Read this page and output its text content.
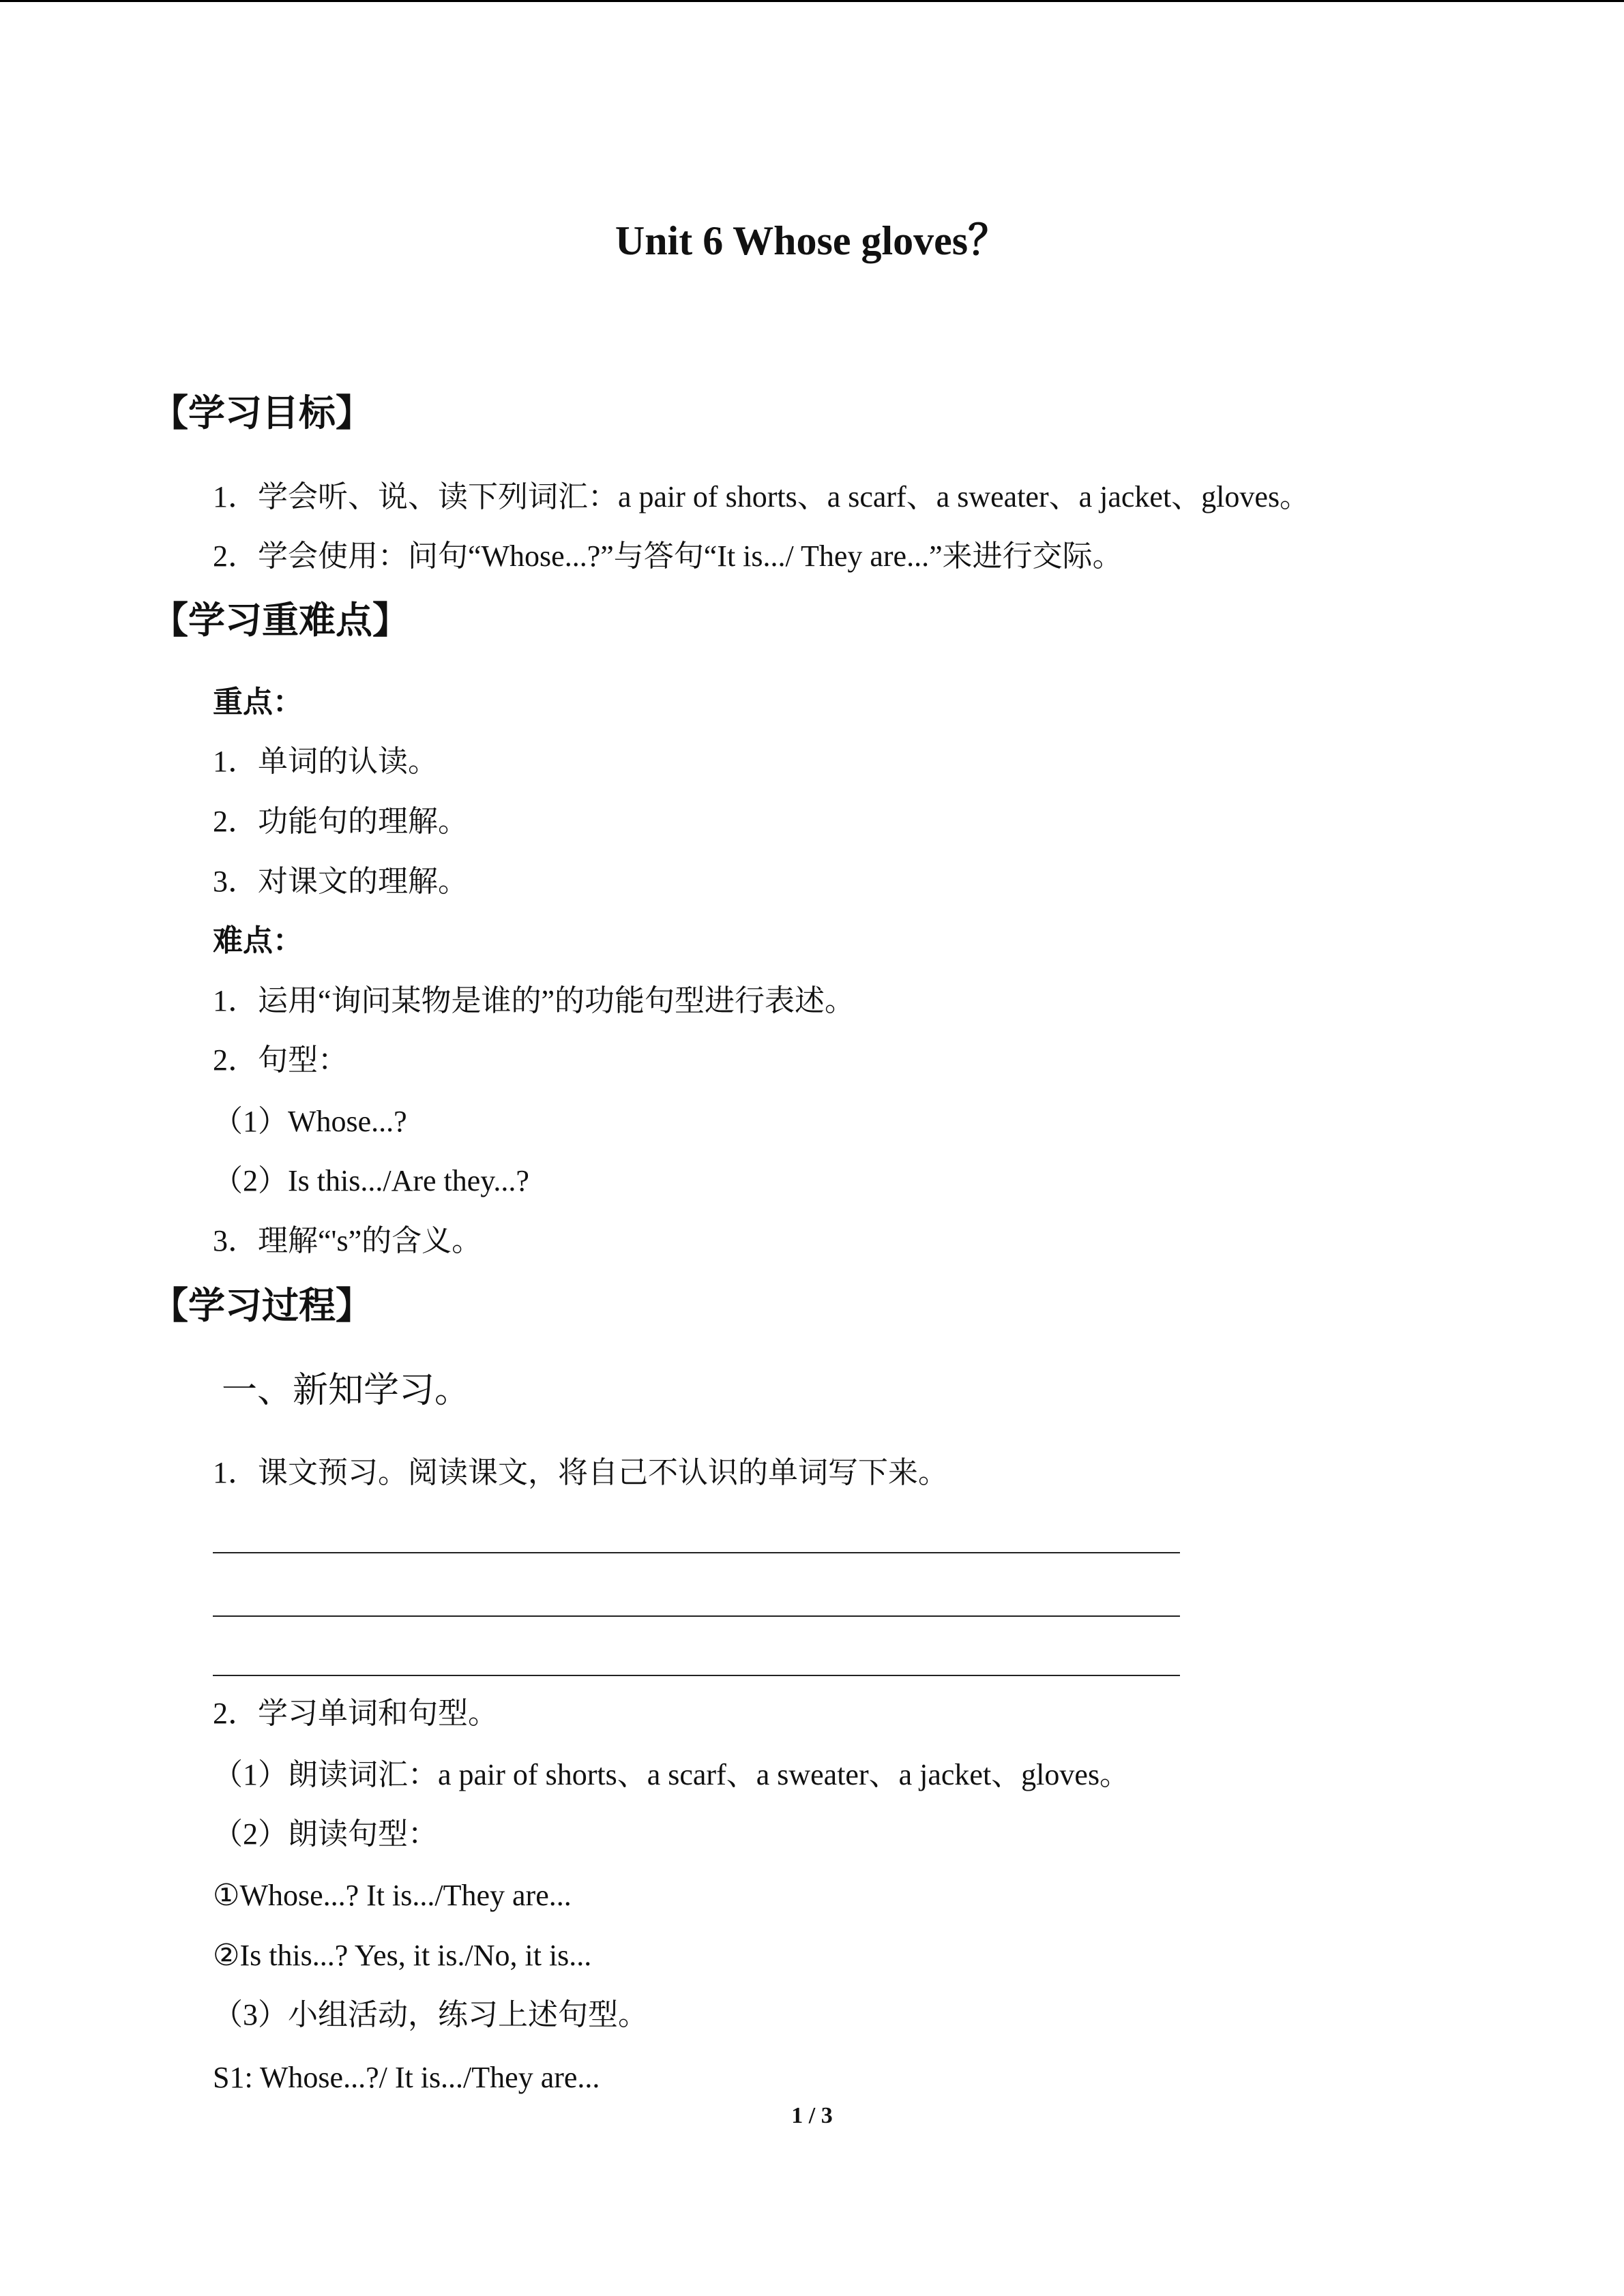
Unit 6 Whose gloves？
【学习目标】
1．学会听、说、读下列词汇：a pair of shorts、a scarf、a sweater、a jacket、gloves。
2．学会使用：问句“Whose...?”与答句“It is.../ They are...”来进行交际。
【学习重难点】
重点：
1．单词的认读。
2．功能句的理解。
3．对课文的理解。
难点：
1．运用“询问某物是谁的”的功能句型进行表述。
2．句型：
（1）Whose...?
（2）Is this.../Are they...?
3．理解“'s”的含义。
【学习过程】
一、新知学习。
1．课文预习。阅读课文，将自己不认识的单词写下来。
2．学习单词和句型。
（1）朗读词汇：a pair of shorts、a scarf、a sweater、a jacket、gloves。
（2）朗读句型：
①Whose...? It is.../They are...
②Is this...? Yes, it is./No, it is...
（3）小组活动，练习上述句型。
S1: Whose...?/ It is.../They are...
1 / 3
